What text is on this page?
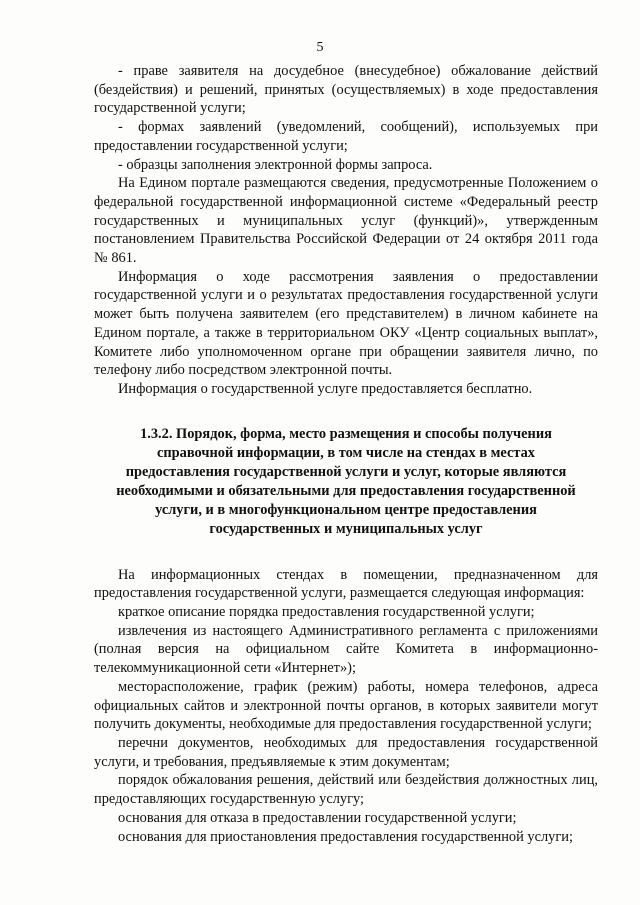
5

- праве заявителя на досудебное (внесудебное) обжалование действий (бездействия) и решений, принятых (осуществляемых) в ходе предоставления государственной услуги;

- формах заявлений (уведомлений, сообщений), используемых при предоставлении государственной услуги;

- образцы заполнения электронной формы запроса.

На Едином портале размещаются сведения, предусмотренные Положением о федеральной государственной информационной системе «Федеральный реестр государственных и муниципальных услуг (функций)», утвержденным постановлением Правительства Российской Федерации от 24 октября 2011 года № 861.

Информация о ходе рассмотрения заявления о предоставлении государственной услуги и о результатах предоставления государственной услуги может быть получена заявителем (его представителем) в личном кабинете на Едином портале, а также в территориальном ОКУ «Центр социальных выплат», Комитете либо уполномоченном органе при обращении заявителя лично, по телефону либо посредством электронной почты.

Информация о государственной услуге предоставляется бесплатно.

1.3.2. Порядок, форма, место размещения и способы получения справочной информации, в том числе на стендах в местах предоставления государственной услуги и услуг, которые являются необходимыми и обязательными для предоставления государственной услуги, и в многофункциональном центре предоставления государственных и муниципальных услуг

На информационных стендах в помещении, предназначенном для предоставления государственной услуги, размещается следующая информация:

краткое описание порядка предоставления государственной услуги;

извлечения из настоящего Административного регламента с приложениями (полная версия на официальном сайте Комитета в информационно-телекоммуникационной сети «Интернет»);

месторасположение, график (режим) работы, номера телефонов, адреса официальных сайтов и электронной почты органов, в которых заявители могут получить документы, необходимые для предоставления государственной услуги;

перечни документов, необходимых для предоставления государственной услуги, и требования, предъявляемые к этим документам;

порядок обжалования решения, действий или бездействия должностных лиц, предоставляющих государственную услугу;

основания для отказа в предоставлении государственной услуги;

основания для приостановления предоставления государственной услуги;
